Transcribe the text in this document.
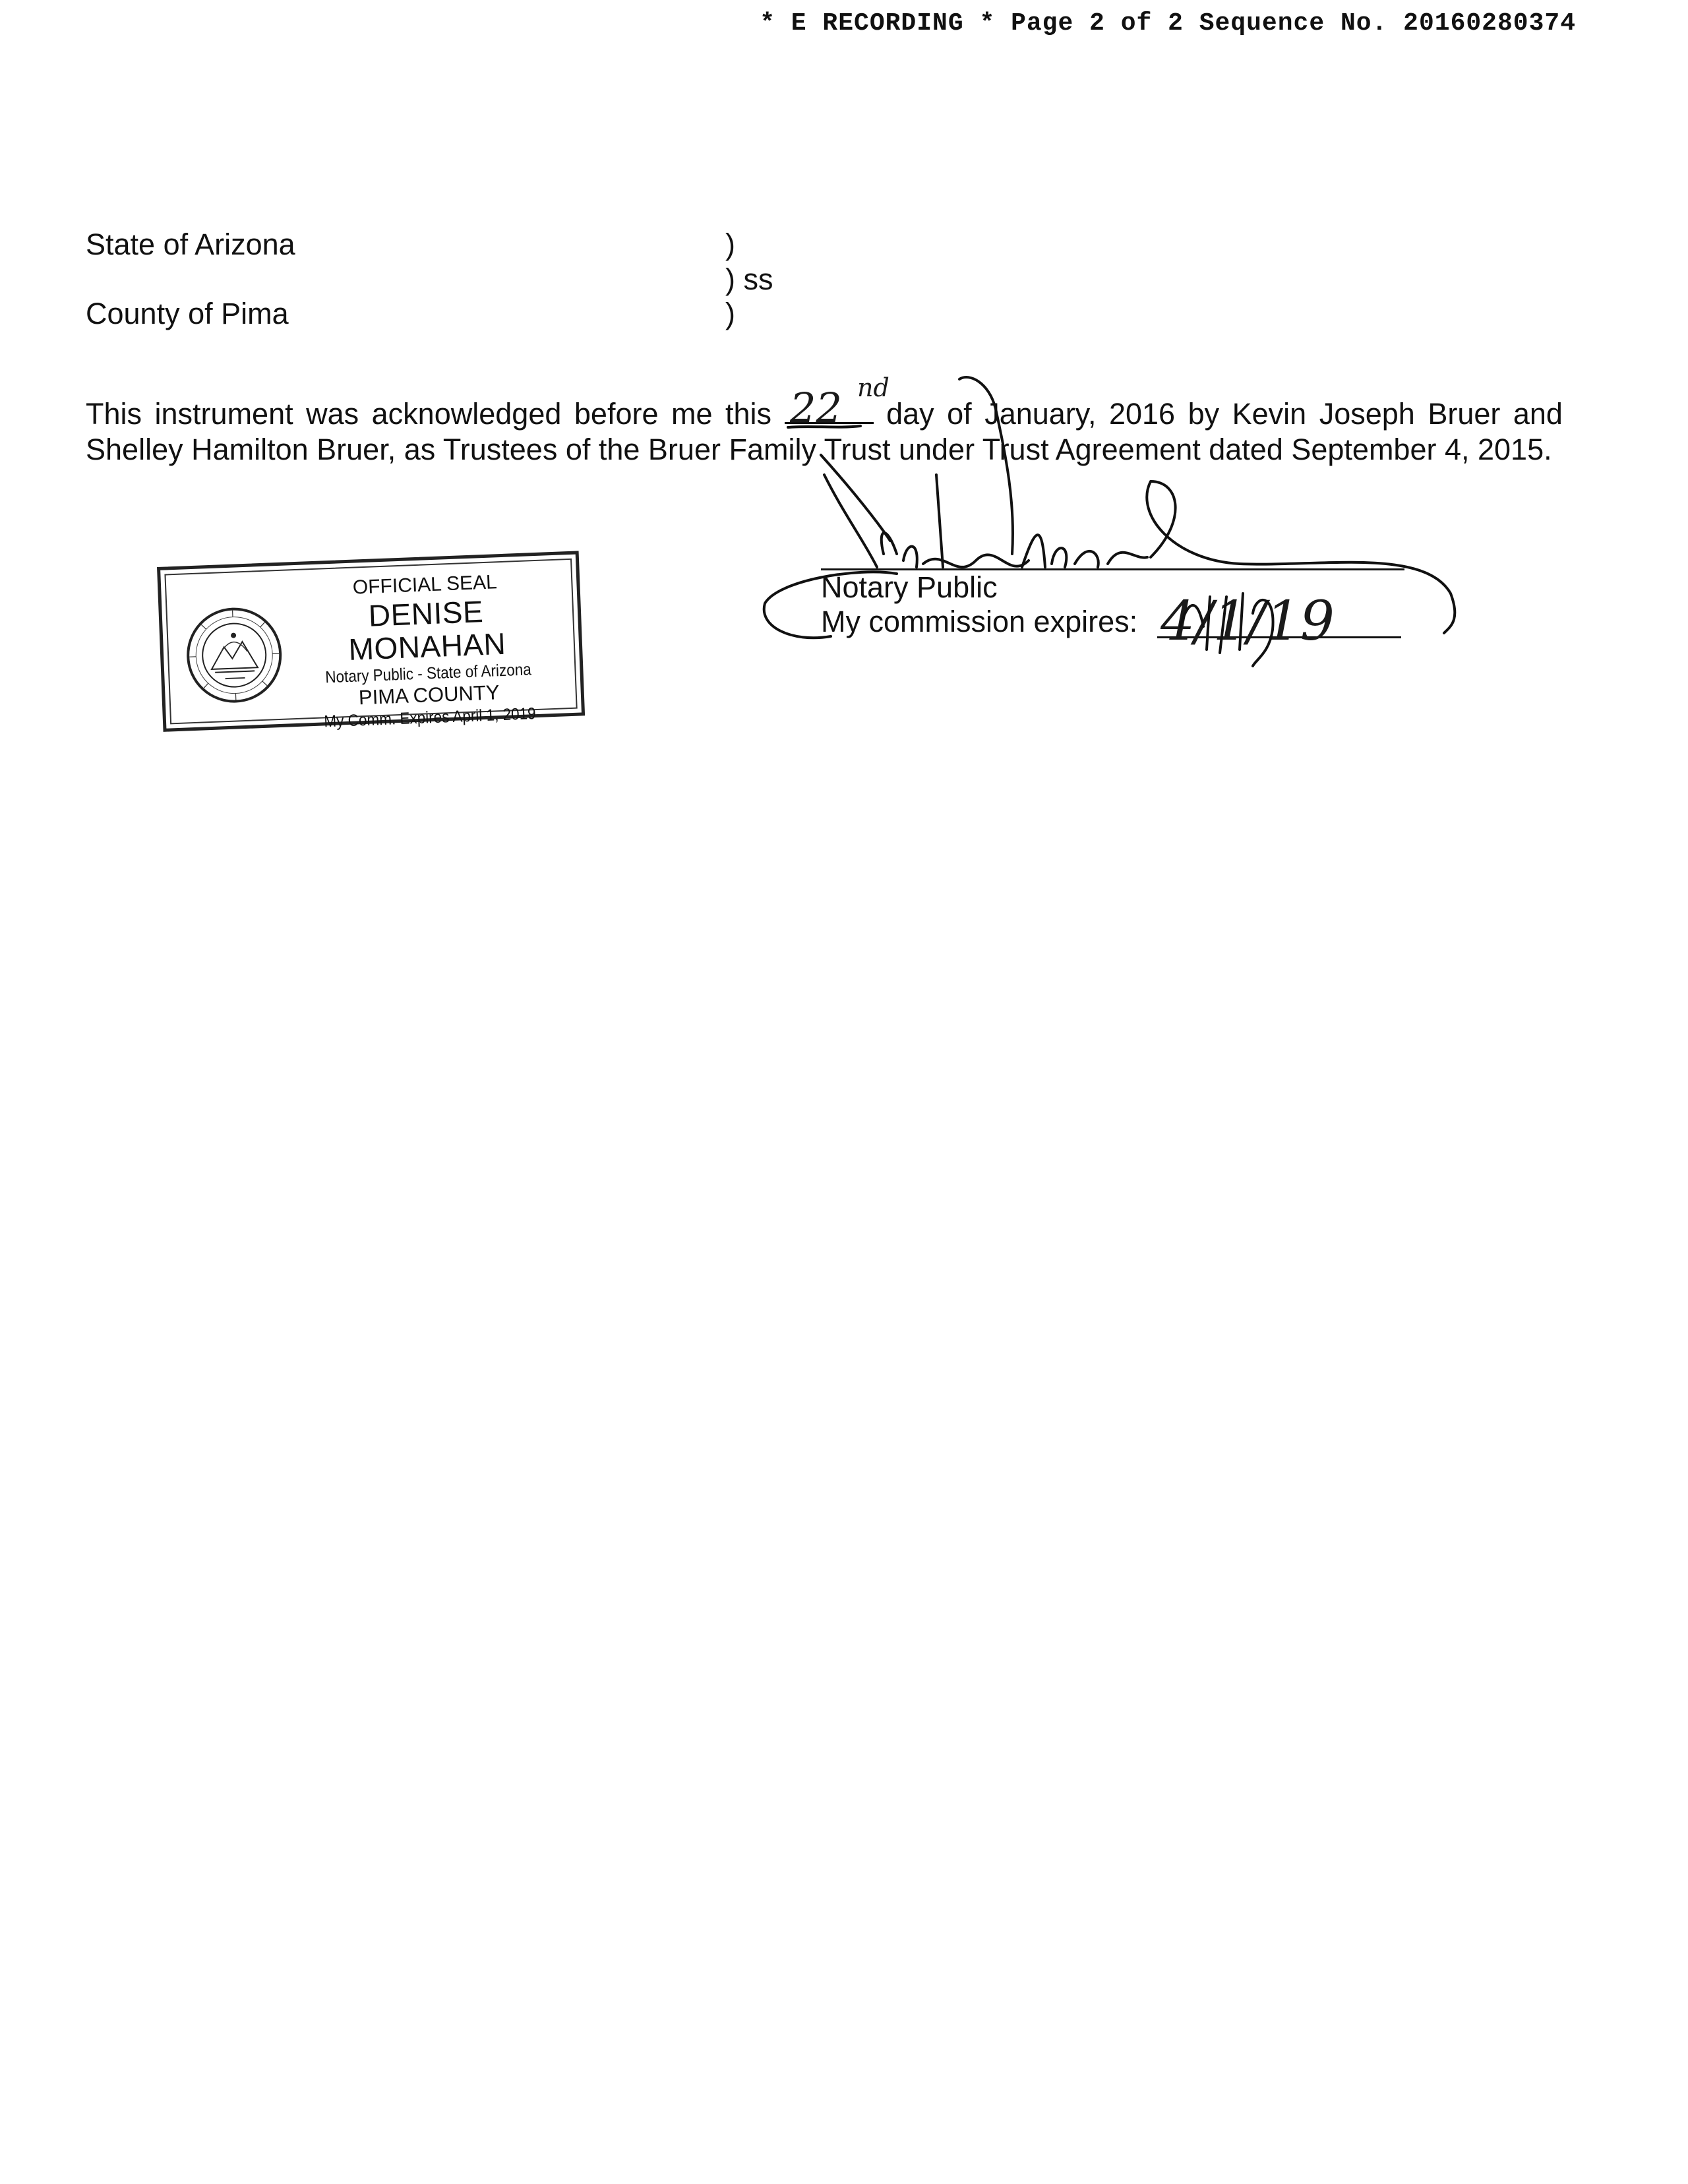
* E RECORDING * Page 2 of 2 Sequence No. 20160280374
State of Arizona
County of Pima
)
) ss
)
This instrument was acknowledged before me this	day of January, 2016 by Kevin Joseph Bruer and Shelley Hamilton Bruer, as Trustees of the Bruer Family Trust under Trust Agreement dated September 4, 2015.
22 nd
Notary Public
My commission expires: 4/1/19
OFFICIAL SEAL
DENISE MONAHAN
Notary Public - State of Arizona
PIMA COUNTY
My Comm. Expires April 1, 2019
